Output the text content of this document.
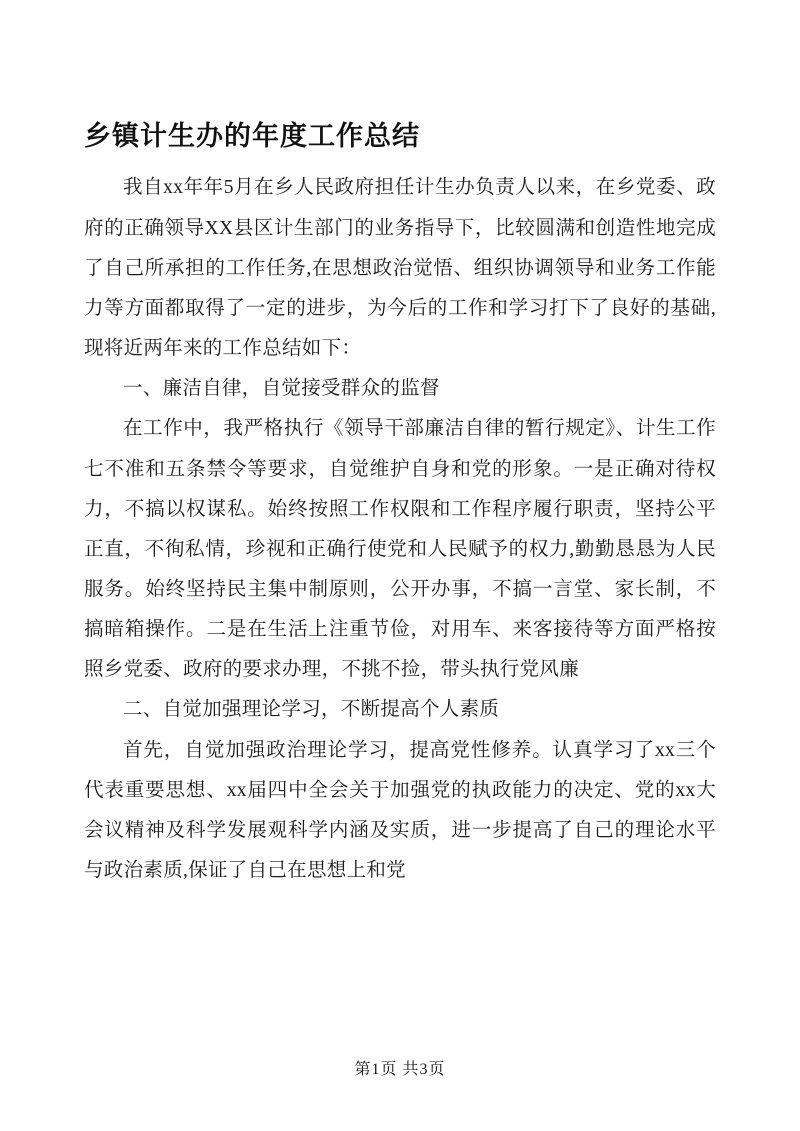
乡镇计生办的年度工作总结

我自xx年年5月在乡人民政府担任计生办负责人以来，在乡党委、政府的正确领导XX县区计生部门的业务指导下，比较圆满和创造性地完成了自己所承担的工作任务,在思想政治觉悟、组织协调领导和业务工作能力等方面都取得了一定的进步，为今后的工作和学习打下了良好的基础,现将近两年来的工作总结如下：

一、廉洁自律，自觉接受群众的监督

在工作中，我严格执行《领导干部廉洁自律的暂行规定》、计生工作七不准和五条禁令等要求，自觉维护自身和党的形象。一是正确对待权力，不搞以权谋私。始终按照工作权限和工作程序履行职责，坚持公平正直，不徇私情，珍视和正确行使党和人民赋予的权力,勤勤恳恳为人民服务。始终坚持民主集中制原则，公开办事，不搞一言堂、家长制，不搞暗箱操作。二是在生活上注重节俭，对用车、来客接待等方面严格按照乡党委、政府的要求办理，不挑不捡，带头执行党风廉

二、自觉加强理论学习，不断提高个人素质

首先，自觉加强政治理论学习，提高党性修养。认真学习了xx三个代表重要思想、xx届四中全会关于加强党的执政能力的决定、党的xx大会议精神及科学发展观科学内涵及实质，进一步提高了自己的理论水平与政治素质,保证了自己在思想上和党

第1页 共3页
